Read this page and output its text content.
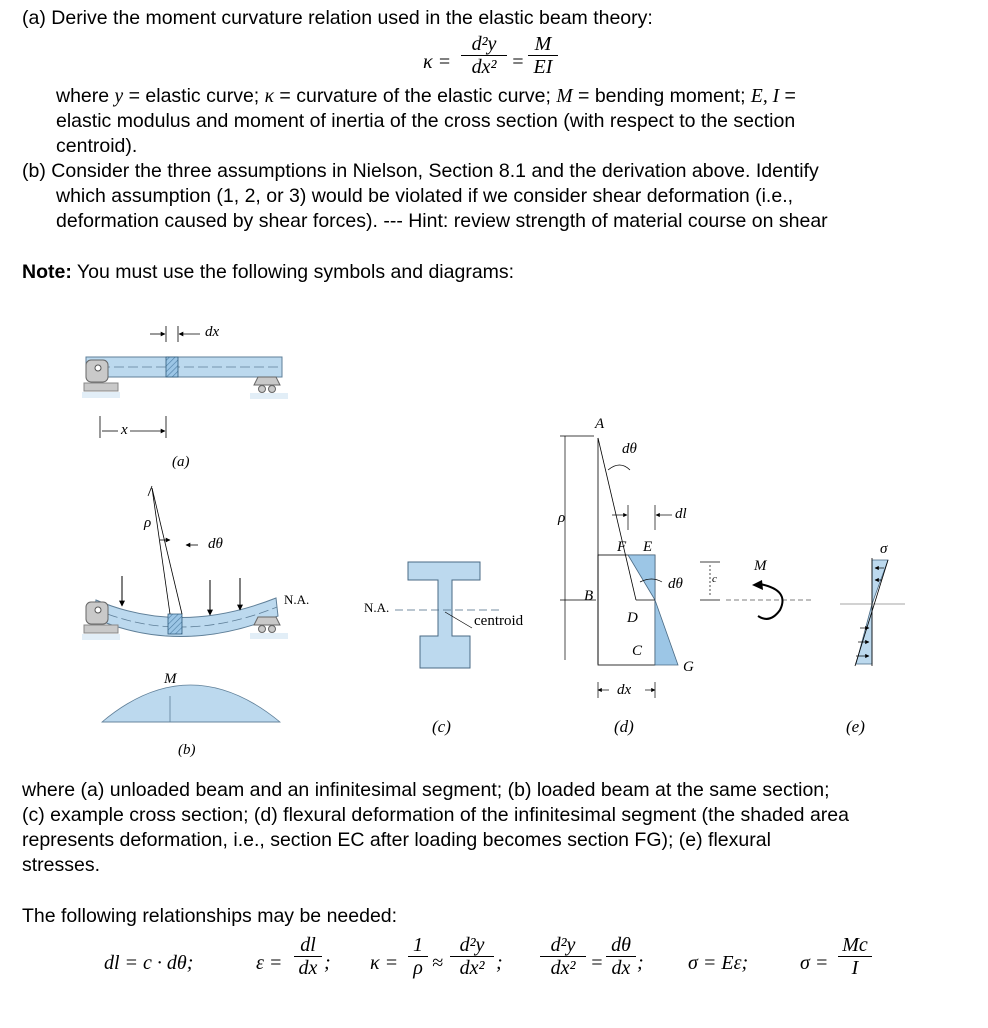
(a) Derive the moment curvature relation used in the elastic beam theory:
$\kappa = \frac{\text{d²y}}{\text{dx²}} = \frac{M}{EI}$
where y = elastic curve; κ = curvature of the elastic curve; M = bending moment; E, I =
elastic modulus and moment of inertia of the cross section (with respect to the section
centroid).
(b) Consider the three assumptions in Nielson, Section 8.1 and the derivation above. Identify
which assumption (1, 2, or 3) would be violated if we consider shear deformation (i.e.,
deformation caused by shear forces). --- Hint: review strength of material course on shear
Note: You must use the following symbols and diagrams:
dx
x
(a)
ρ
dθ
N.A.
M
(b)
N.A.
centroid
(c)
A
dθ
ρ	dl
F E
B
dθ
D
C
G
dx
(d)
c
M
σ
(e)
where (a) unloaded beam and an infinitesimal segment; (b) loaded beam at the same section;
(c) example cross section; (d) flexural deformation of the infinitesimal segment (the shaded area
represents deformation, i.e., section EC after loading becomes section FG); (e) flexural
stresses.
The following relationships may be needed:
dl = c · dθ;	$\varepsilon = \frac{dl}{dx}$ ; $\kappa = \frac{1}{\rho} \approx \frac{\text{d²y}}{\text{dx²}}$ ; $\frac{\text{d²y}}{\text{dx²}} = \frac{d\theta}{dx}$ ; σ = Eε;	$\sigma = \frac{Mc}{I}$
